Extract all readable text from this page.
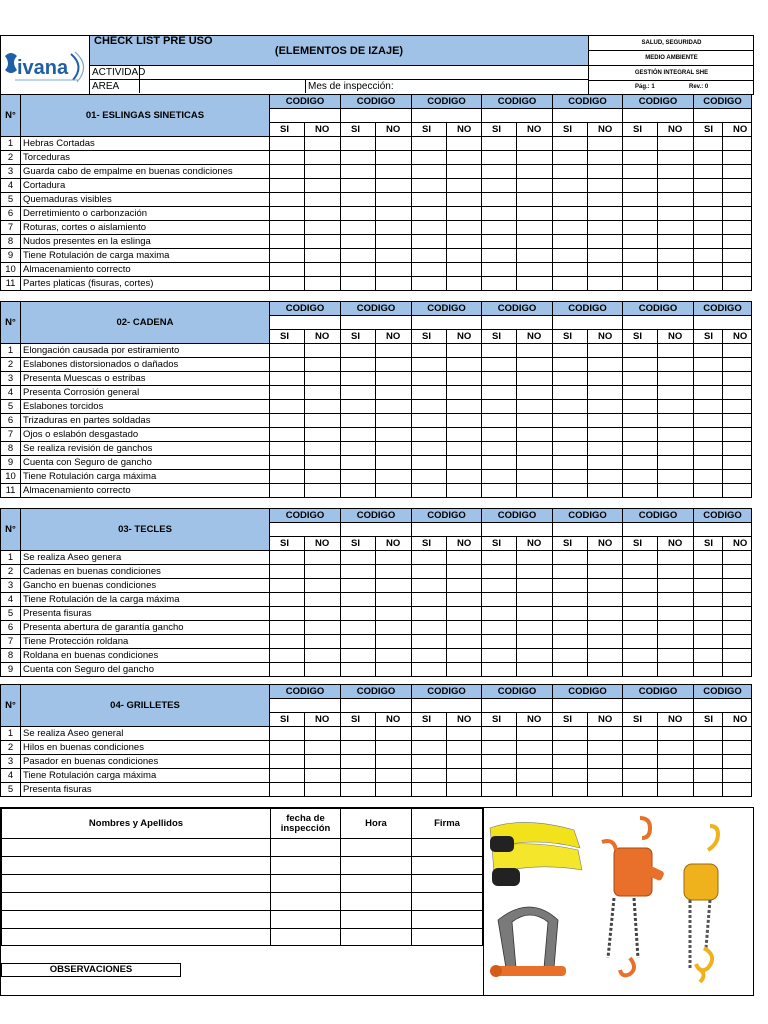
ivana
CHECK LIST PRE USO
(ELEMENTOS DE IZAJE)
ACTIVIDAD
AREA	Mes de inspección:
SALUD, SEGURIDAD
MEDIO AMBIENTE
GESTIÓN INTEGRAL SHE
Pág.: 1	Rev.: 0
N°	01- ESLINGAS SINETICAS	CODIGO		CODIGO		CODIGO		CODIGO		CODIGO		CODIGO		CODIGO	

		SI	NO	SI	NO	SI	NO	SI	NO	SI	NO	SI	NO	SI	NO
1	Hebras Cortadas														
2	Torceduras														
3	Guarda cabo de empalme en buenas condiciones														
4	Cortadura														
5	Quemaduras visibles														
6	Derretimiento o carbonzación														
7	Roturas, cortes o aislamiento														
8	Nudos presentes en la eslinga														
9	Tiene Rotulación de carga maxima														
10	Almacenamiento correcto														
11	Partes platicas (fisuras, cortes)														
N°	02- CADENA	CODIGO		CODIGO		CODIGO		CODIGO		CODIGO		CODIGO		CODIGO	

		SI	NO	SI	NO	SI	NO	SI	NO	SI	NO	SI	NO	SI	NO
1	Elongación causada por estiramiento														
2	Eslabones distorsionados o dañados														
3	Presenta Muescas o estribas														
4	Presenta Corrosión general														
5	Eslabones torcidos														
6	Trizaduras en partes soldadas														
7	Ojos o eslabón desgastado														
8	Se realiza revisión de ganchos														
9	Cuenta con Seguro de gancho														
10	Tiene Rotulación carga máxima														
11	Almacenamiento correcto														
N°	03- TECLES	CODIGO		CODIGO		CODIGO		CODIGO		CODIGO		CODIGO		CODIGO	

		SI	NO	SI	NO	SI	NO	SI	NO	SI	NO	SI	NO	SI	NO
1	Se realiza Aseo genera														
2	Cadenas en buenas condiciones														
3	Gancho en buenas condiciones														
4	Tiene Rotulación de la carga máxima														
5	Presenta fisuras														
6	Presenta abertura de garantía gancho														
7	Tiene Protección roldana														
8	Roldana en buenas condiciones														
9	Cuenta con Seguro del gancho														
N°	04- GRILLETES	CODIGO		CODIGO		CODIGO		CODIGO		CODIGO		CODIGO		CODIGO	

		SI	NO	SI	NO	SI	NO	SI	NO	SI	NO	SI	NO	SI	NO
1	Se realiza Aseo general														
2	Hilos en buenas condiciones														
3	Pasador en buenas condiciones														
4	Tiene Rotulación carga máxima														
5	Presenta fisuras														
Nombres y Apellidos	fecha de inspección	Hora	Firma

OBSERVACIONES
